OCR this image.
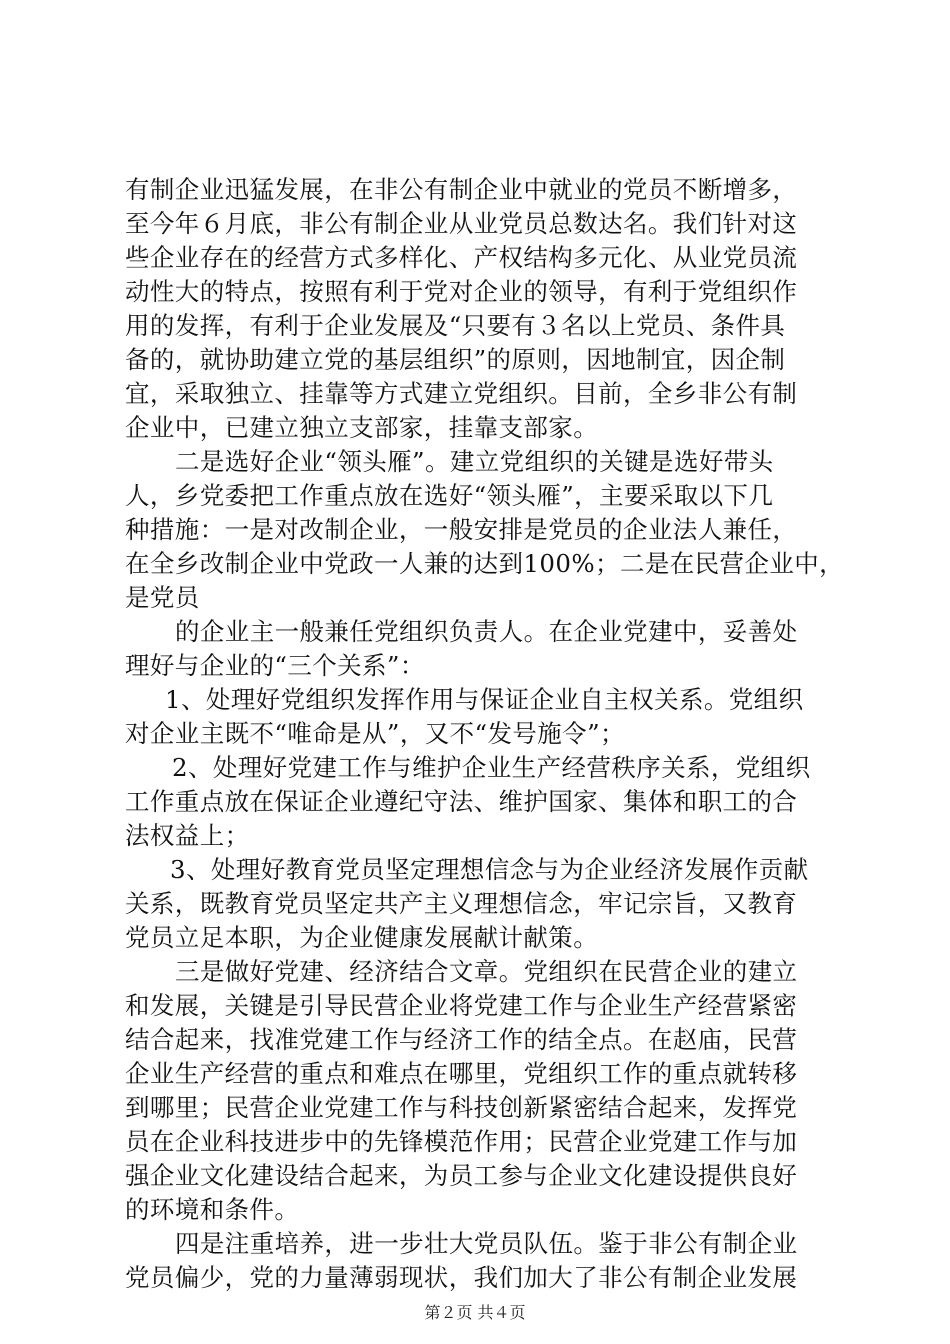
有制企业迅猛发展，在非公有制企业中就业的党员不断增多，
至今年６月底，非公有制企业从业党员总数达名。我们针对这
些企业存在的经营方式多样化、产权结构多元化、从业党员流
动性大的特点，按照有利于党对企业的领导，有利于党组织作
用的发挥，有利于企业发展及“只要有３名以上党员、条件具
备的，就协助建立党的基层组织”的原则，因地制宜，因企制
宜，采取独立、挂靠等方式建立党组织。目前，全乡非公有制
企业中，已建立独立支部家，挂靠支部家。
二是选好企业“领头雁”。建立党组织的关键是选好带头
人，乡党委把工作重点放在选好“领头雁”，主要采取以下几
种措施：一是对改制企业，一般安排是党员的企业法人兼任，
在全乡改制企业中党政一人兼的达到100%；二是在民营企业中，
是党员
的企业主一般兼任党组织负责人。在企业党建中，妥善处
理好与企业的“三个关系”：
1、处理好党组织发挥作用与保证企业自主权关系。党组织
对企业主既不“唯命是从”，又不“发号施令”；
2、处理好党建工作与维护企业生产经营秩序关系，党组织
工作重点放在保证企业遵纪守法、维护国家、集体和职工的合
法权益上；
3、处理好教育党员坚定理想信念与为企业经济发展作贡献
关系，既教育党员坚定共产主义理想信念，牢记宗旨，又教育
党员立足本职，为企业健康发展献计献策。
三是做好党建、经济结合文章。党组织在民营企业的建立
和发展，关键是引导民营企业将党建工作与企业生产经营紧密
结合起来，找准党建工作与经济工作的结全点。在赵庙，民营
企业生产经营的重点和难点在哪里，党组织工作的重点就转移
到哪里；民营企业党建工作与科技创新紧密结合起来，发挥党
员在企业科技进步中的先锋模范作用；民营企业党建工作与加
强企业文化建设结合起来，为员工参与企业文化建设提供良好
的环境和条件。
四是注重培养，进一步壮大党员队伍。鉴于非公有制企业
党员偏少，党的力量薄弱现状，我们加大了非公有制企业发展
第２页 共４页
